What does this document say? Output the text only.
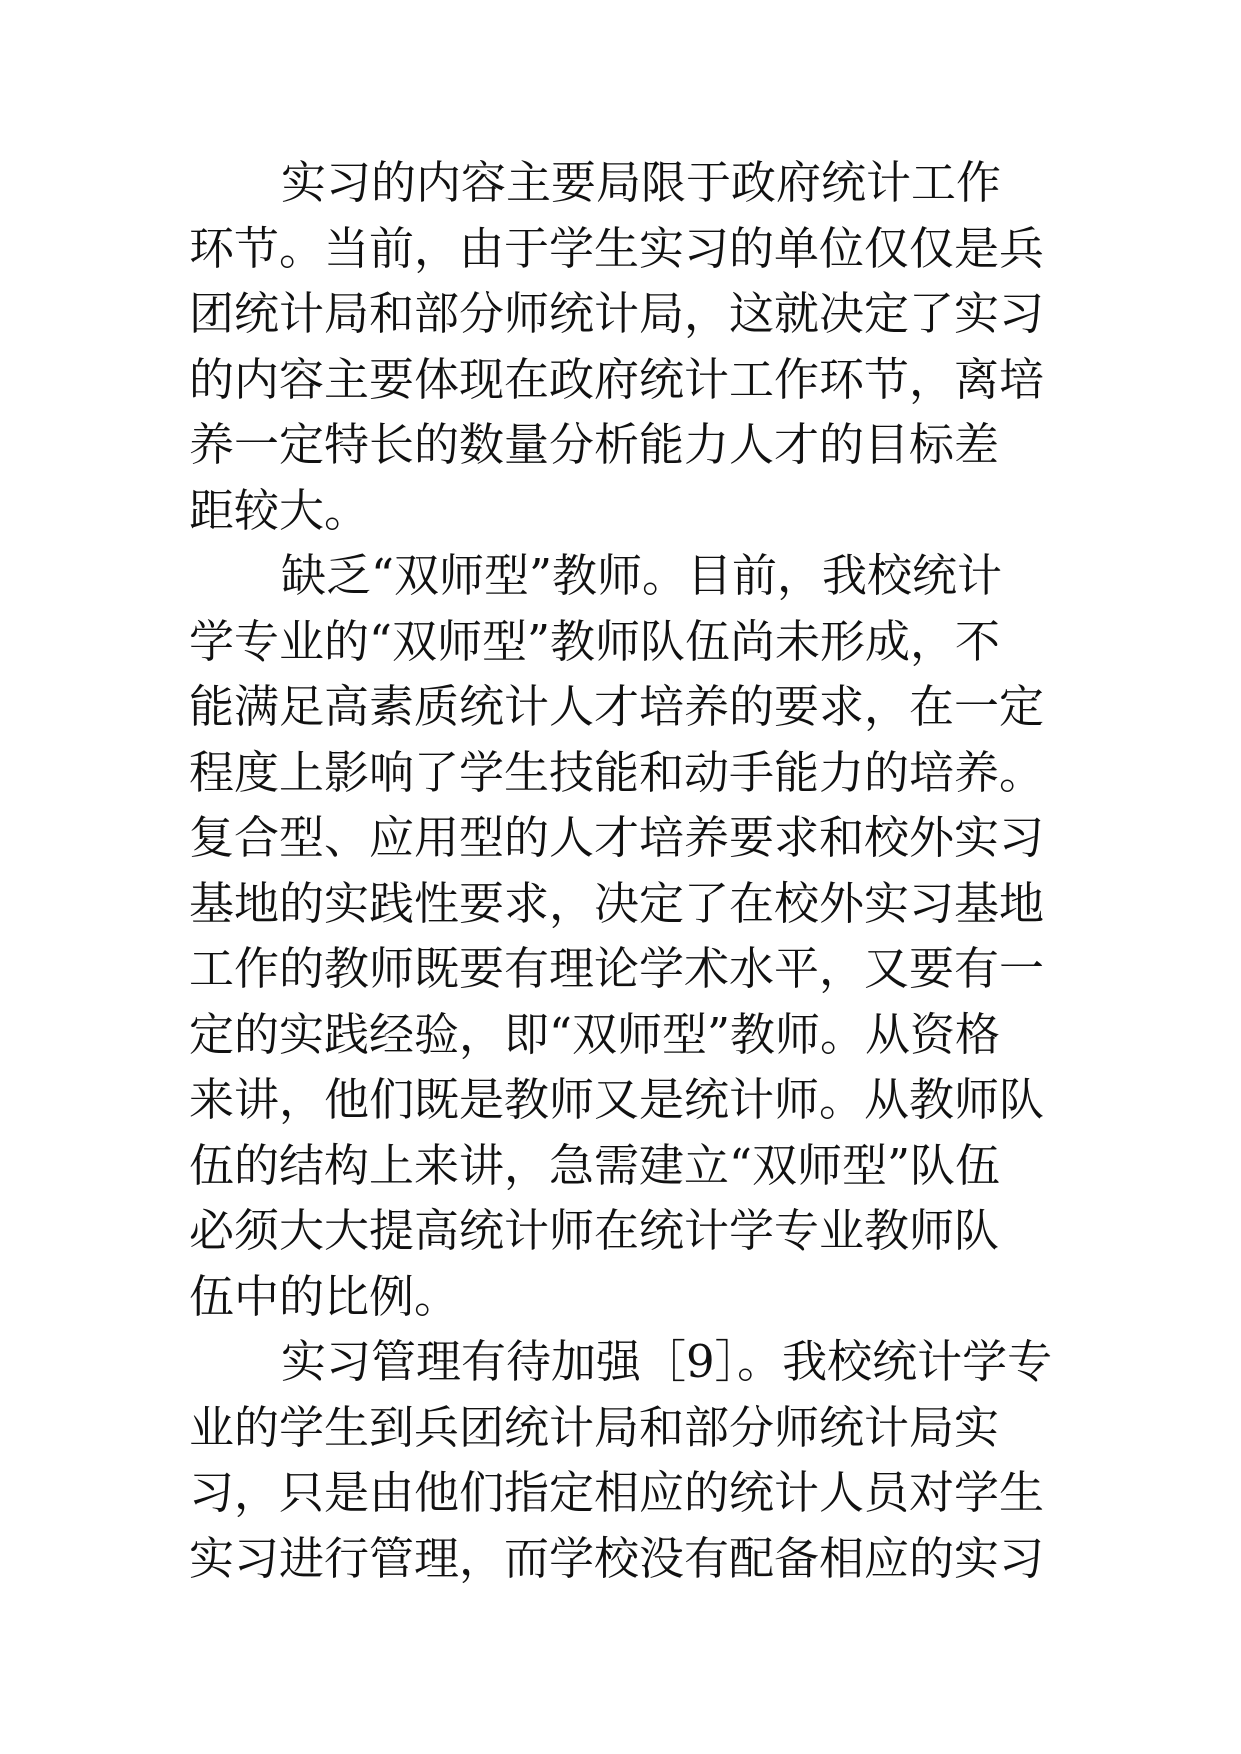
实习的内容主要局限于政府统计工作
环节。当前，由于学生实习的单位仅仅是兵
团统计局和部分师统计局，这就决定了实习
的内容主要体现在政府统计工作环节，离培
养一定特长的数量分析能力人才的目标差
距较大。
缺乏“双师型”教师。目前，我校统计
学专业的“双师型”教师队伍尚未形成，不
能满足高素质统计人才培养的要求，在一定
程度上影响了学生技能和动手能力的培养。
复合型、应用型的人才培养要求和校外实习
基地的实践性要求，决定了在校外实习基地
工作的教师既要有理论学术水平，又要有一
定的实践经验，即“双师型”教师。从资格
来讲，他们既是教师又是统计师。从教师队
伍的结构上来讲，急需建立“双师型”队伍
必须大大提高统计师在统计学专业教师队
伍中的比例。
实习管理有待加强［9］。我校统计学专
业的学生到兵团统计局和部分师统计局实
习，只是由他们指定相应的统计人员对学生
实习进行管理，而学校没有配备相应的实习
